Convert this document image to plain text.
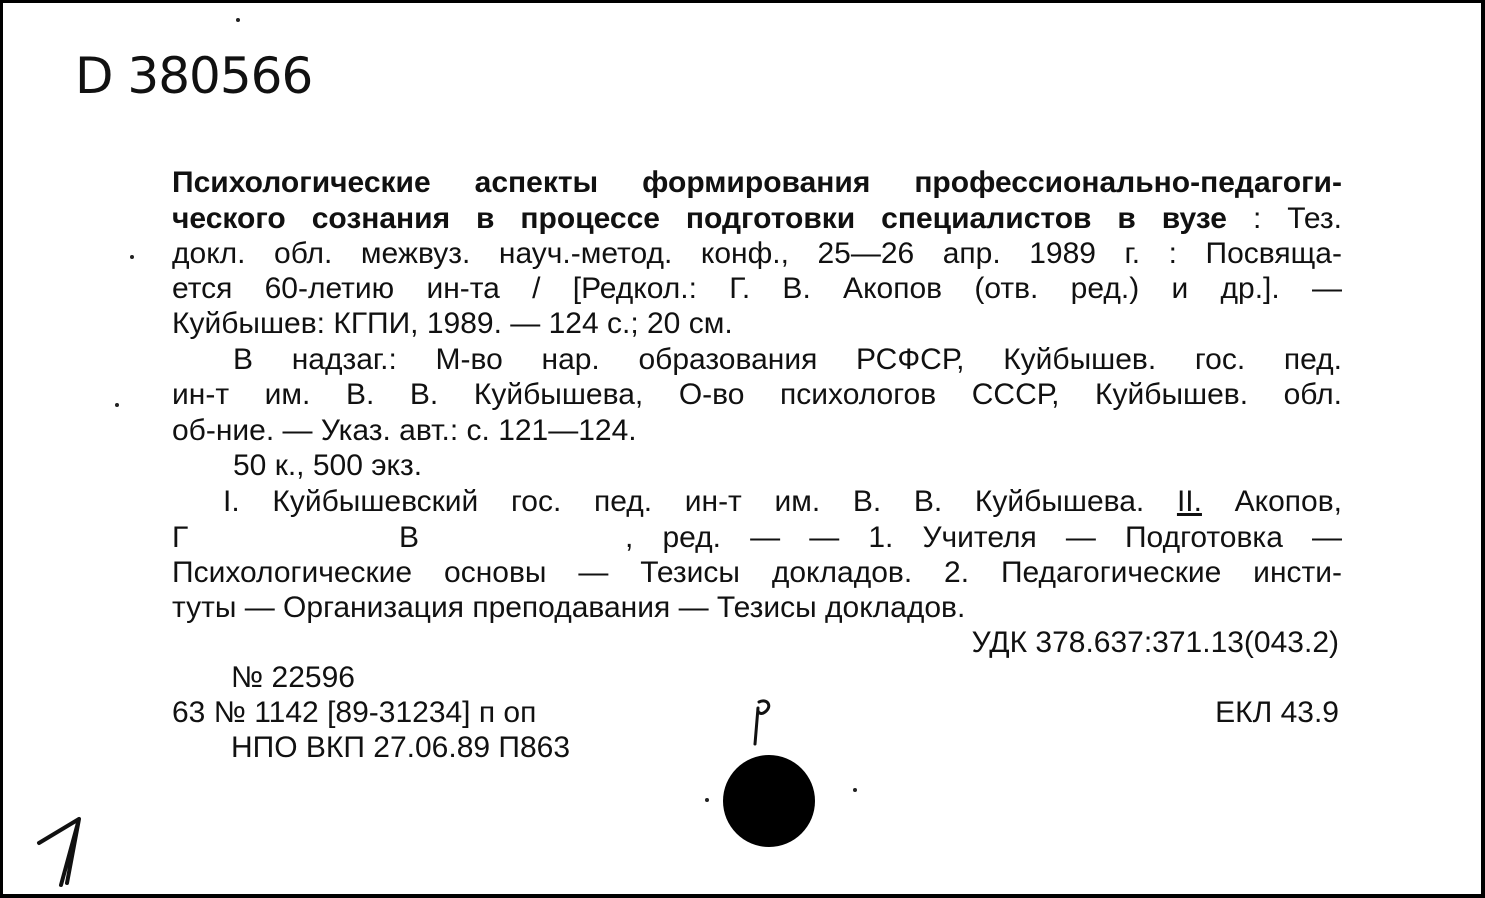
D 380566
Психологические аспекты формирования профессионально-педагоги-
ческого сознания в процессе подготовки специалистов в вузе : Тез.
докл. обл. межвуз. науч.-метод. конф., 25—26 апр. 1989 г. : Посвяща-
ется 60-летию ин-та / [Редкол.: Г. В. Акопов (отв. ред.) и др.]. —
Куйбышев: КГПИ, 1989. — 124 с.; 20 см.
В надзаг.: М-во нар. образования РСФСР, Куйбышев. гос. пед.
ин-т им. В. В. Куйбышева, О-во психологов СССР, Куйбышев. обл.
об-ние. — Указ. авт.: с. 121—124.
50 к., 500 экз.
I. Куйбышевский гос. пед. ин-т им. В. В. Куйбышева. II. Акопов,
Г	В	, ред. — — 1. Учителя — Подготовка —
Психологические основы — Тезисы докладов. 2. Педагогические инсти-
туты — Организация преподавания — Тезисы докладов.
УДК 378.637:371.13(043.2)
№ 22596
63 № 1142 [89-31234] п оп	ЕКЛ 43.9
НПО ВКП 27.06.89 П863
